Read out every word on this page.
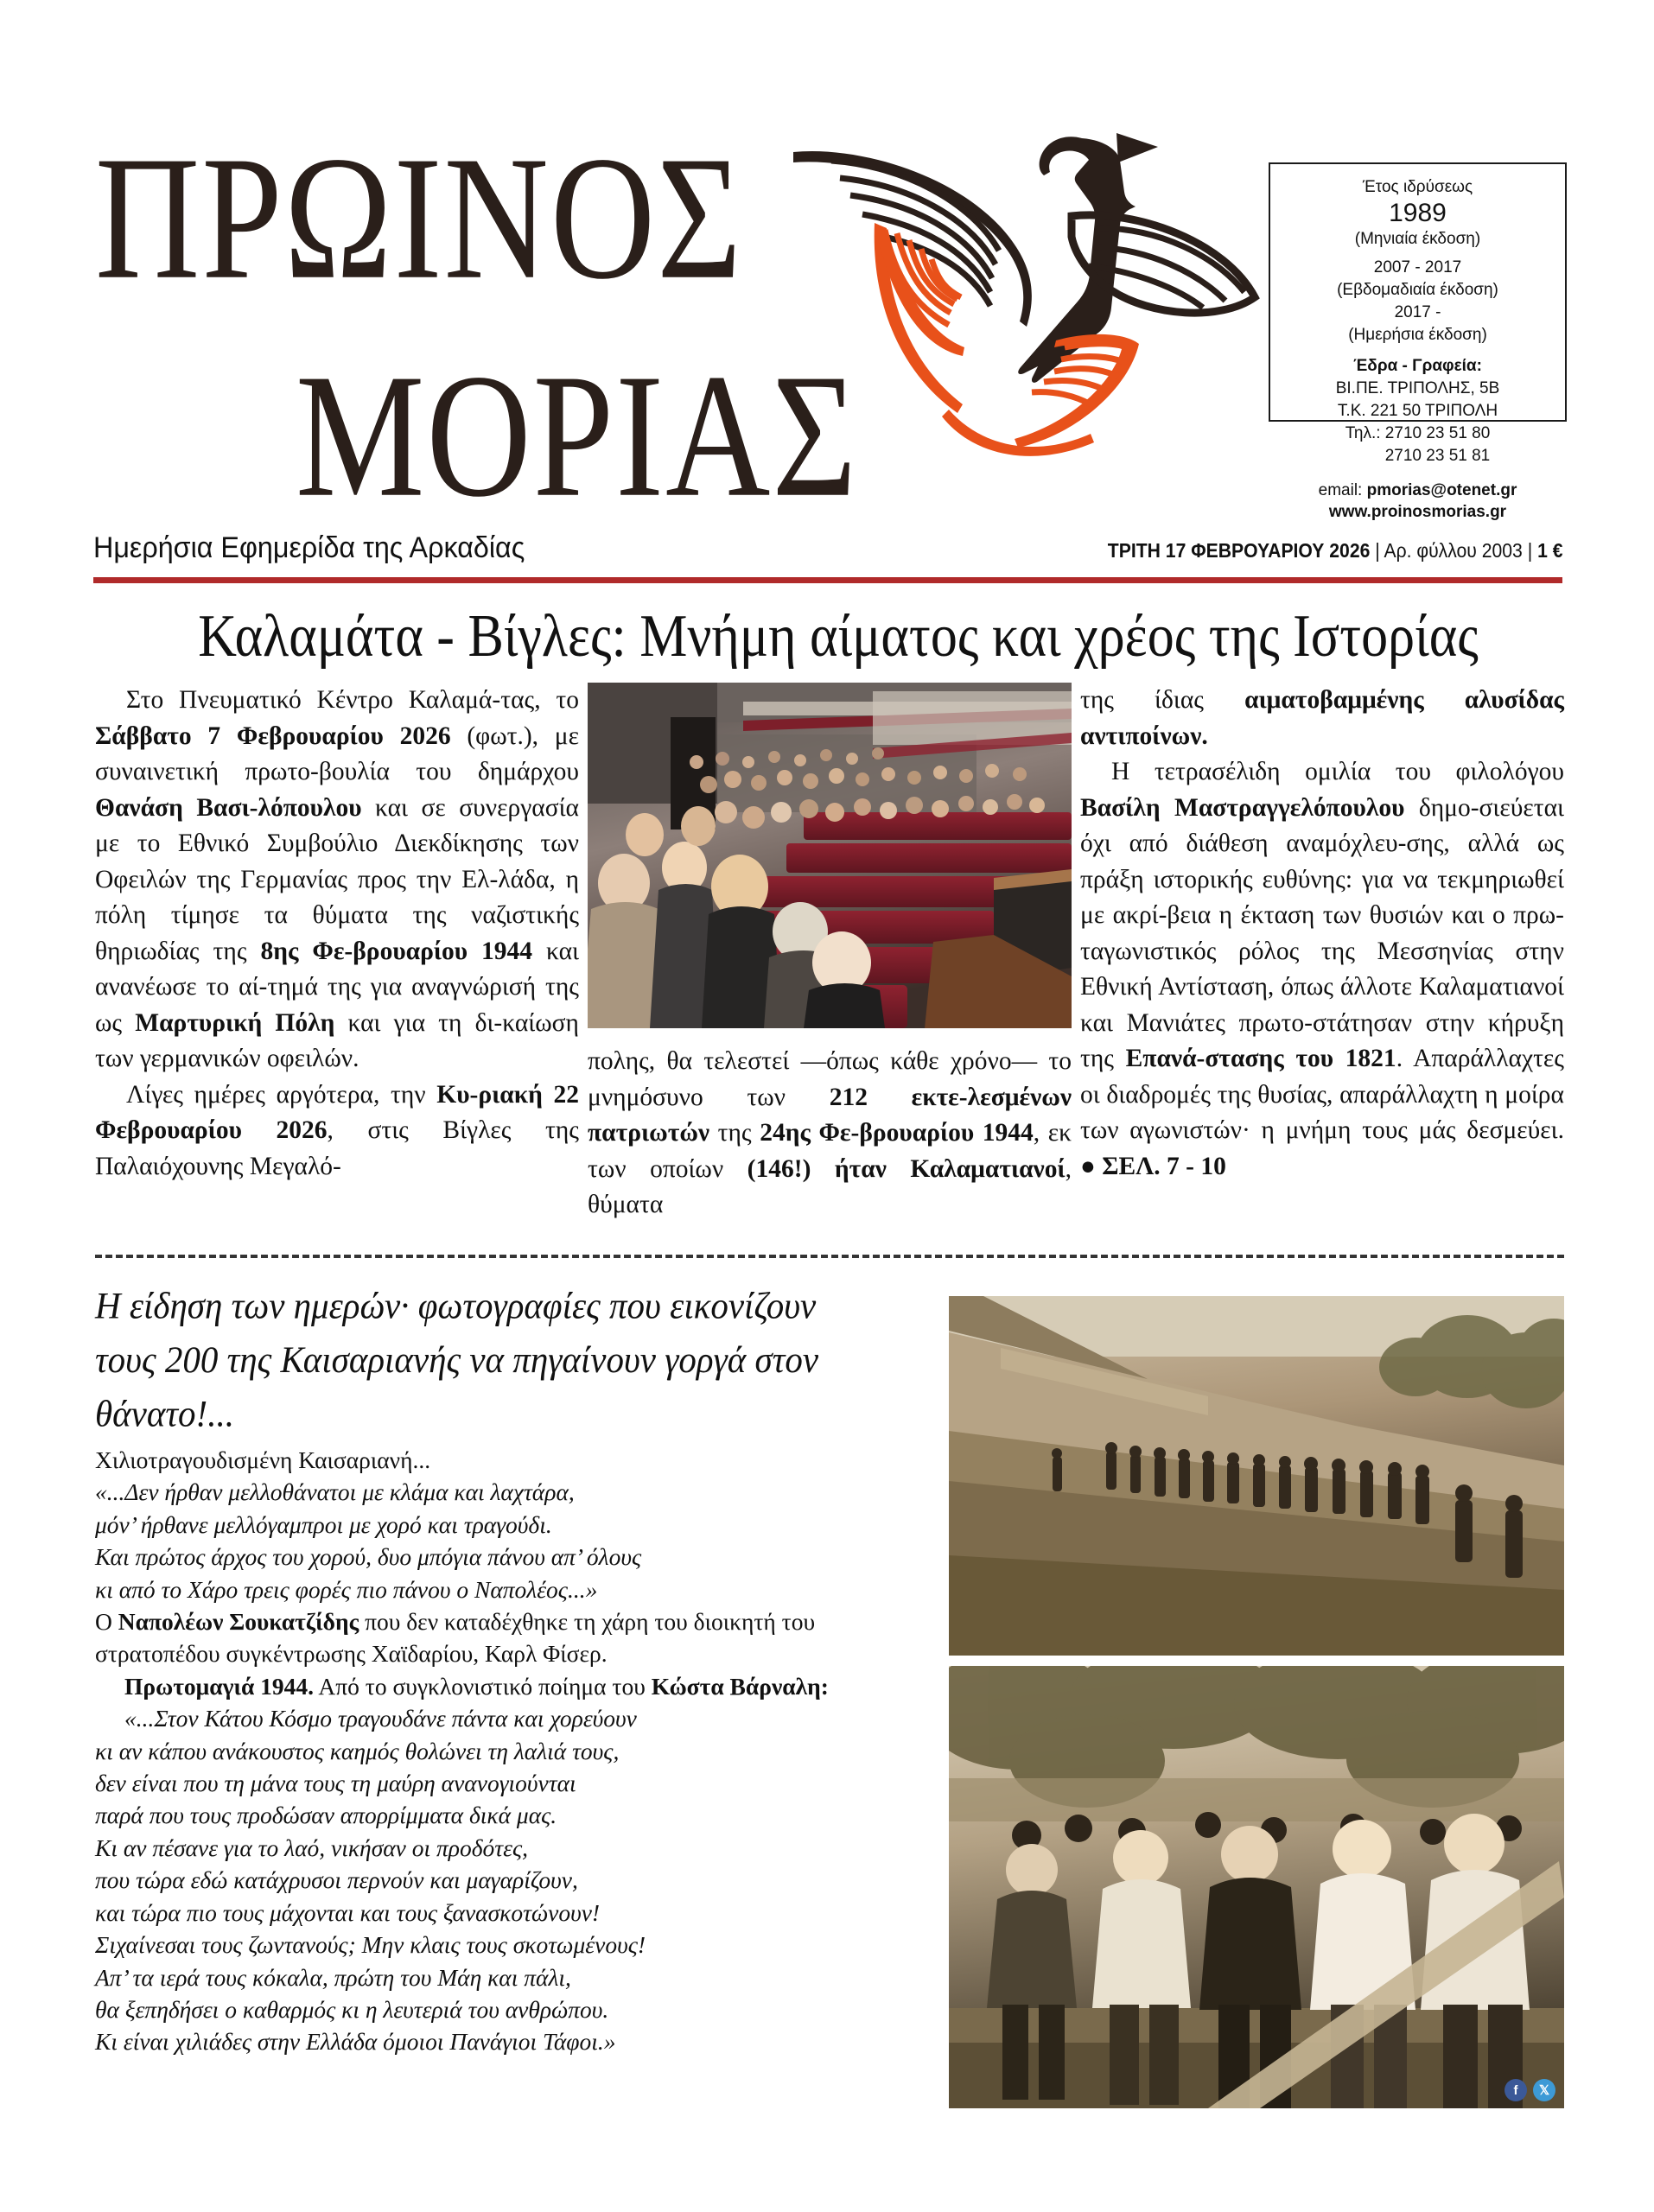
ΠΡΩΙΝΟΣ
ΜΟΡΙΑΣ
Έτος ιδρύσεως
1989
(Μηνιαία έκδοση)
2007 - 2017
(Εβδομαδιαία έκδοση)
2017 -
(Ημερήσια έκδοση)
Έδρα - Γραφεία:
ΒΙ.ΠΕ. ΤΡΙΠΟΛΗΣ, 5Β
Τ.Κ. 221 50 ΤΡΙΠΟΛΗ
Τηλ.: 2710 23 51 80
2710 23 51 81
email: pmorias@otenet.gr
www.proinosmorias.gr
Ημερήσια Εφημερίδα της Αρκαδίας	ΤΡΙΤΗ 17 ΦΕΒΡΟΥΑΡΙΟΥ 2026 | Αρ. φύλλου 2003 | 1 €
Καλαμάτα - Βίγλες: Μνήμη αίματος και χρέος της Ιστορίας

Στο Πνευματικό Κέντρο Καλαμά-τας, το Σάββατο 7 Φεβρουαρίου 2026 (φωτ.), με συναινετική πρωτο-βουλία του δημάρχου Θανάση Βασι-λόπουλου και σε συνεργασία με το Εθνικό Συμβούλιο Διεκδίκησης των Οφειλών της Γερμανίας προς την Ελ-λάδα, η πόλη τίμησε τα θύματα της ναζιστικής θηριωδίας της 8ης Φε-βρουαρίου 1944 και ανανέωσε το αί-τημά της για αναγνώρισή της ως Μαρτυρική Πόλη και για τη δι-καίωση των γερμανικών οφειλών.

Λίγες ημέρες αργότερα, την Κυ-ριακή 22 Φεβρουαρίου 2026, στις Βίγλες της Παλαιόχουνης Μεγαλό-

πολης, θα τελεστεί —όπως κάθε χρόνο— το μνημόσυνο των 212 εκτε-λεσμένων πατριωτών της 24ης Φε-βρουαρίου 1944, εκ των οποίων (146!) ήταν Καλαματιανοί, θύματα

της ίδιας αιματοβαμμένης αλυσίδας αντιποίνων.

Η τετρασέλιδη ομιλία του φιλολόγου Βασίλη Μαστραγγελόπουλου δημο-σιεύεται όχι από διάθεση αναμόχλευ-σης, αλλά ως πράξη ιστορικής ευθύνης: για να τεκμηριωθεί με ακρί-βεια η έκταση των θυσιών και ο πρω-ταγωνιστικός ρόλος της Μεσσηνίας στην Εθνική Αντίσταση, όπως άλλοτε Καλαματιανοί και Μανιάτες πρωτο-στάτησαν στην κήρυξη της Επανά-στασης του 1821. Απαράλλαχτες οι διαδρομές της θυσίας, απαράλλαχτη η μοίρα των αγωνιστών· η μνήμη τους μάς δεσμεύει. ● ΣΕΛ. 7 - 10

Η είδηση των ημερών· φωτογραφίες που εικονίζουν τους 200 της Καισαριανής να πηγαίνουν γοργά στον θάνατο!...

Χιλιοτραγουδισμένη Καισαριανή...

«...Δεν ήρθαν μελλοθάνατοι με κλάμα και λαχτάρα,

μόν’ ήρθανε μελλόγαμπροι με χορό και τραγούδι.

Και πρώτος άρχος του χορού, δυο μπόγια πάνου απ’ όλους

κι από το Χάρο τρεις φορές πιο πάνου ο Ναπολέος...»

Ο Ναπολέων Σουκατζίδης που δεν καταδέχθηκε τη χάρη του διοικητή του στρατοπέδου συγκέντρωσης Χαϊδαρίου, Καρλ Φίσερ.

Πρωτομαγιά 1944. Από το συγκλονιστικό ποίημα του Κώστα Βάρναλη:

«...Στον Κάτου Κόσμο τραγουδάνε πάντα και χορεύουν

κι αν κάπου ανάκουστος καημός θολώνει τη λαλιά τους,

δεν είναι που τη μάνα τους τη μαύρη ανανογιούνται

παρά που τους προδώσαν απορρίμματα δικά μας.

Κι αν πέσανε για το λαό, νικήσαν οι προδότες,

που τώρα εδώ κατάχρυσοι περνούν και μαγαρίζουν,

και τώρα πιο τους μάχονται και τους ξανασκοτώνουν!

Σιχαίνεσαι τους ζωντανούς; Μην κλαις τους σκοτωμένους!

Απ’ τα ιερά τους κόκαλα, πρώτη του Μάη και πάλι,

θα ξεπηδήσει ο καθαρμός κι η λευτεριά του ανθρώπου.

Κι είναι χιλιάδες στην Ελλάδα όμοιοι Πανάγιοι Τάφοι.»

f	𝕏
